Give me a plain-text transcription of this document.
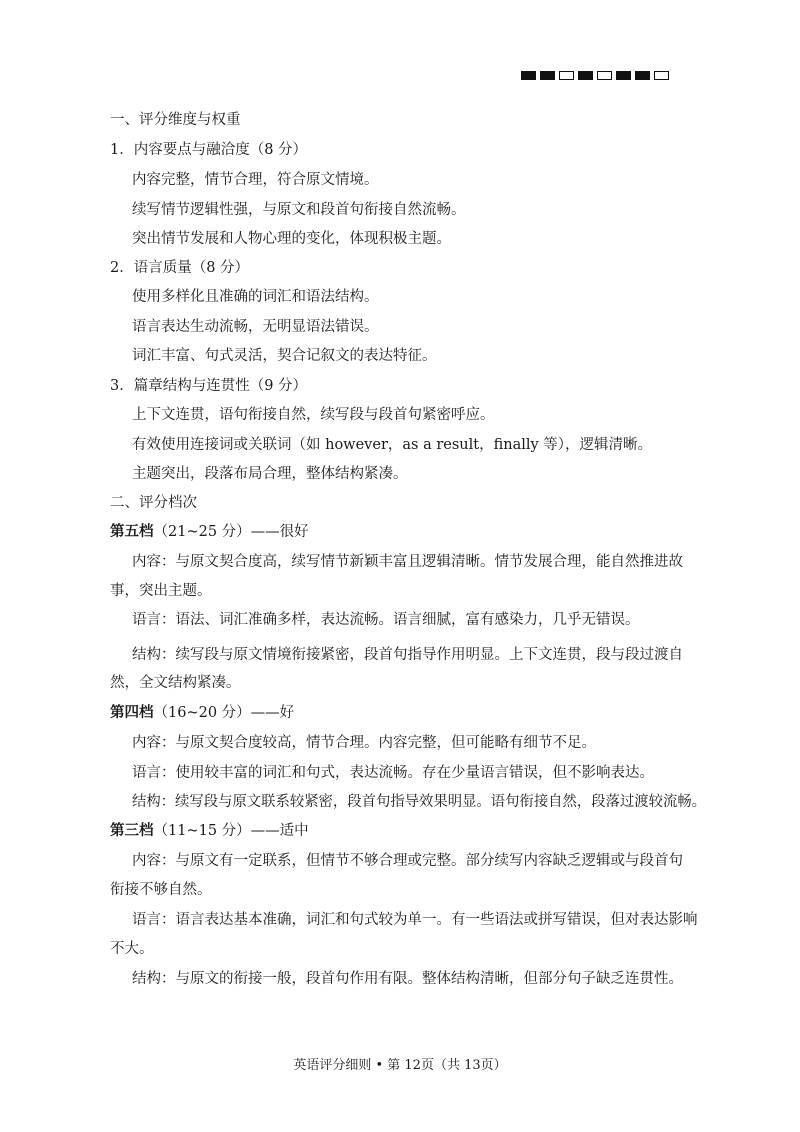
一、评分维度与权重
1．内容要点与融洽度（8 分）
内容完整，情节合理，符合原文情境。
续写情节逻辑性强，与原文和段首句衔接自然流畅。
突出情节发展和人物心理的变化，体现积极主题。
2．语言质量（8 分）
使用多样化且准确的词汇和语法结构。
语言表达生动流畅，无明显语法错误。
词汇丰富、句式灵活，契合记叙文的表达特征。
3．篇章结构与连贯性（9 分）
上下文连贯，语句衔接自然，续写段与段首句紧密呼应。
有效使用连接词或关联词（如 however，as a result，finally 等），逻辑清晰。
主题突出，段落布局合理，整体结构紧凑。
二、评分档次
第五档（21~25 分）——很好
内容：与原文契合度高，续写情节新颖丰富且逻辑清晰。情节发展合理，能自然推进故
事，突出主题。
语言：语法、词汇准确多样，表达流畅。语言细腻，富有感染力，几乎无错误。
结构：续写段与原文情境衔接紧密，段首句指导作用明显。上下文连贯，段与段过渡自
然，全文结构紧凑。
第四档（16~20 分）——好
内容：与原文契合度较高，情节合理。内容完整，但可能略有细节不足。
语言：使用较丰富的词汇和句式，表达流畅。存在少量语言错误，但不影响表达。
结构：续写段与原文联系较紧密，段首句指导效果明显。语句衔接自然，段落过渡较流畅。
第三档（11~15 分）——适中
内容：与原文有一定联系，但情节不够合理或完整。部分续写内容缺乏逻辑或与段首句
衔接不够自然。
语言：语言表达基本准确，词汇和句式较为单一。有一些语法或拼写错误，但对表达影响
不大。
结构：与原文的衔接一般，段首句作用有限。整体结构清晰，但部分句子缺乏连贯性。
英语评分细则 • 第 12页（共 13页）
